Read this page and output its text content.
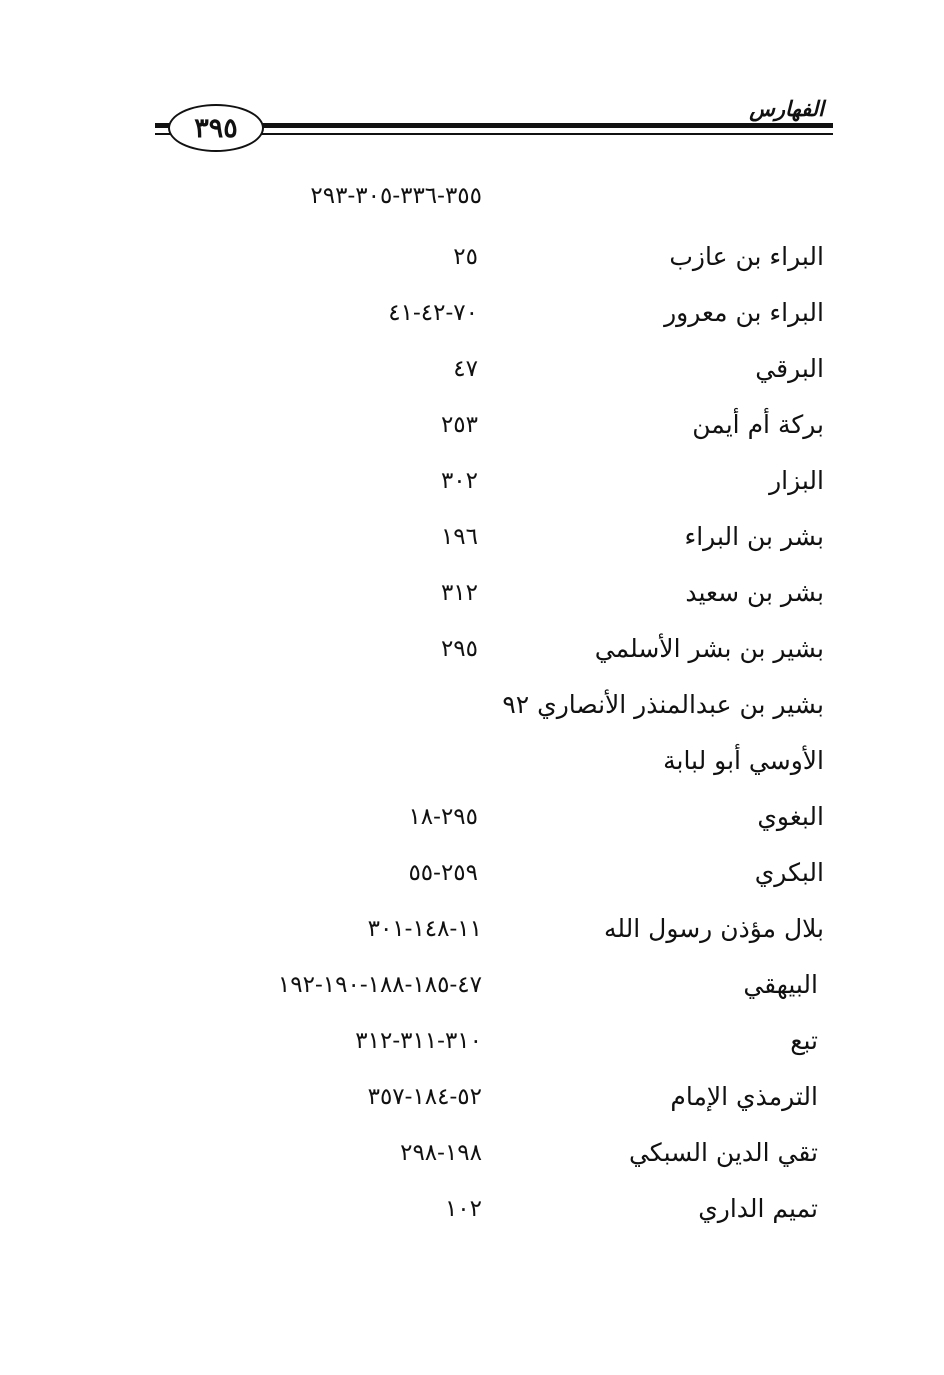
الفهارس
٣٩٥
٣٥٥-٣٣٦-٣٠٥-٢٩٣
البراء بن عازب
٢٥
البراء بن معرور
٧٠-٤٢-٤١
البرقي
٤٧
بركة أم أيمن
٢٥٣
البزار
٣٠٢
بشر بن البراء
١٩٦
بشر بن سعيد
٣١٢
بشير بن بشر الأسلمي
٢٩٥
بشير بن عبدالمنذر الأنصاري ٩٢
الأوسي أبو لبابة
البغوي
٢٩٥-١٨
البكري
٢٥٩-٥٥
بلال مؤذن رسول الله
١١-١٤٨-٣٠١
البيهقي
٤٧-١٨٥-١٨٨-١٩٠-١٩٢
تبع
٣١٠-٣١١-٣١٢
الترمذي الإمام
٥٢-١٨٤-٣٥٧
تقي الدين السبكي
١٩٨-٢٩٨
تميم الداري
١٠٢
